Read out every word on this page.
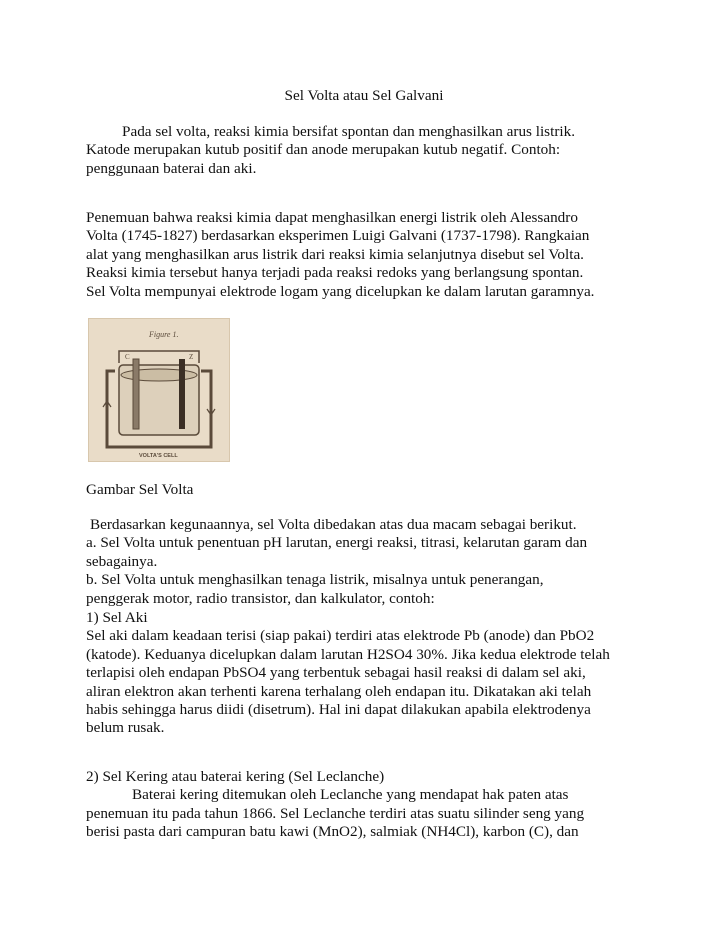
Sel Volta atau Sel Galvani

Pada sel volta, reaksi kimia bersifat spontan dan menghasilkan arus listrik.
Katode merupakan kutub positif dan anode merupakan kutub negatif. Contoh:
penggunaan baterai dan aki.

Penemuan bahwa reaksi kimia dapat menghasilkan energi listrik oleh Alessandro
Volta (1745-1827) berdasarkan eksperimen Luigi Galvani (1737-1798). Rangkaian
alat yang menghasilkan arus listrik dari reaksi kimia selanjutnya disebut sel Volta.
Reaksi kimia tersebut hanya terjadi pada reaksi redoks yang berlangsung spontan.
Sel Volta mempunyai elektrode logam yang dicelupkan ke dalam larutan garamnya.

Figure 1.
C	Z
VOLTA'S CELL

Gambar Sel Volta

Berdasarkan kegunaannya, sel Volta dibedakan atas dua macam sebagai berikut.
a. Sel Volta untuk penentuan pH larutan, energi reaksi, titrasi, kelarutan garam dan
sebagainya.
b. Sel Volta untuk menghasilkan tenaga listrik, misalnya untuk penerangan,
penggerak motor, radio transistor, dan kalkulator, contoh:

1) Sel Aki
Sel aki dalam keadaan terisi (siap pakai) terdiri atas elektrode Pb (anode) dan PbO2
(katode). Keduanya dicelupkan dalam larutan H2SO4 30%. Jika kedua elektrode telah
terlapisi oleh endapan PbSO4 yang terbentuk sebagai hasil reaksi di dalam sel aki,
aliran elektron akan terhenti karena terhalang oleh endapan itu. Dikatakan aki telah
habis sehingga harus diidi (disetrum). Hal ini dapat dilakukan apabila elektrodenya
belum rusak.

2) Sel Kering atau baterai kering (Sel Leclanche)
Baterai kering ditemukan oleh Leclanche yang mendapat hak paten atas
penemuan itu pada tahun 1866. Sel Leclanche terdiri atas suatu silinder seng yang
berisi pasta dari campuran batu kawi (MnO2), salmiak (NH4Cl), karbon (C), dan
